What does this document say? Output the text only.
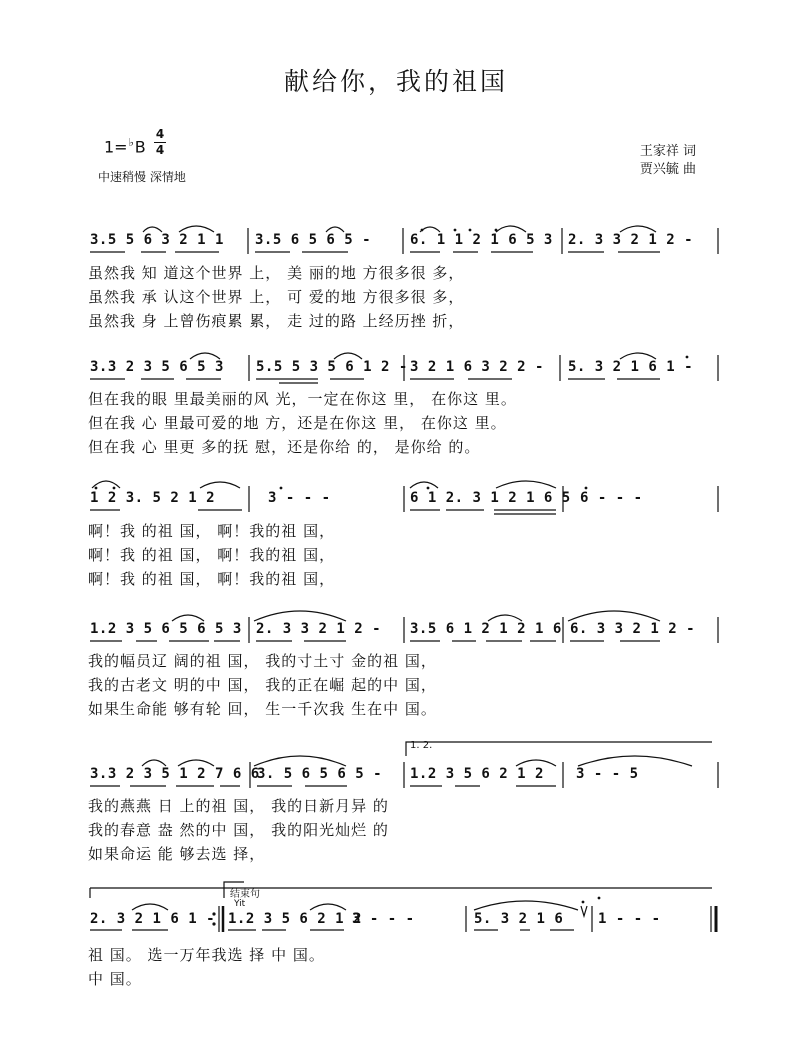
献给你，我的祖国
1=♭B
4
4
中速稍慢 深情地
王家祥 词
贾兴毓 曲
3.5 5 6 3 2 1 1 3.5 6 5 6 5 -	6. 1 1 2 1 6 5 3 2. 3 3 2 1 2 -
虽然我 知 道这个世界 上， 美 丽的地 方很多很 多，
虽然我 承 认这个世界 上， 可 爱的地 方很多很 多，
虽然我 身 上曾伤痕累 累， 走 过的路 上经历挫 折，
3.3 2 3 5 6 5 3 5.5 5 3 5 6 1 2 - 3 2 1 6 3 2 2 - 5. 3 2 1 6 1 -
但在我的眼 里最美丽的风 光，一定在你这 里， 在你这 里。
但在我 心 里最可爱的地 方，还是在你这 里， 在你这 里。
但在我 心 里更 多的抚 慰，还是你给 的， 是你给 的。
1 2 3. 5 2 1 2	3 - - -	6 1 2. 3 1 2 1 6 5 6 - - -
啊！我 的祖 国， 啊！我的祖 国，
啊！我 的祖 国， 啊！我的祖 国，
啊！我 的祖 国， 啊！我的祖 国，
1.2 3 5 6 5 6 5 3 2. 3 3 2 1 2 - 3.5 6 1 2 1 2 1 6 6. 3 3 2 1 2 -
我的幅员辽 阔的祖 国， 我的寸土寸 金的祖 国，
我的古老文 明的中 国， 我的正在崛 起的中 国，
如果生命能 够有轮 回， 生一千次我 生在中 国。
1. 2.
3.3 2 3 5 1 2 7 6 6
3. 5 6 5 6 5 - 1.2 3 5 6 2 1 2 3 - - 5
我的燕燕 日 上的祖 国， 我的日新月异 的
我的春意 盎 然的中 国， 我的阳光灿烂 的
如果命运 能 够去选 择，
结束句
Yit
2. 3 2 1 6 1 - 1.2 3 5 6 2 1 2
3 - - -	5. 3 2 1 6 1 - - -
祖 国。 选一万年我选 择 中 国。
中 国。
